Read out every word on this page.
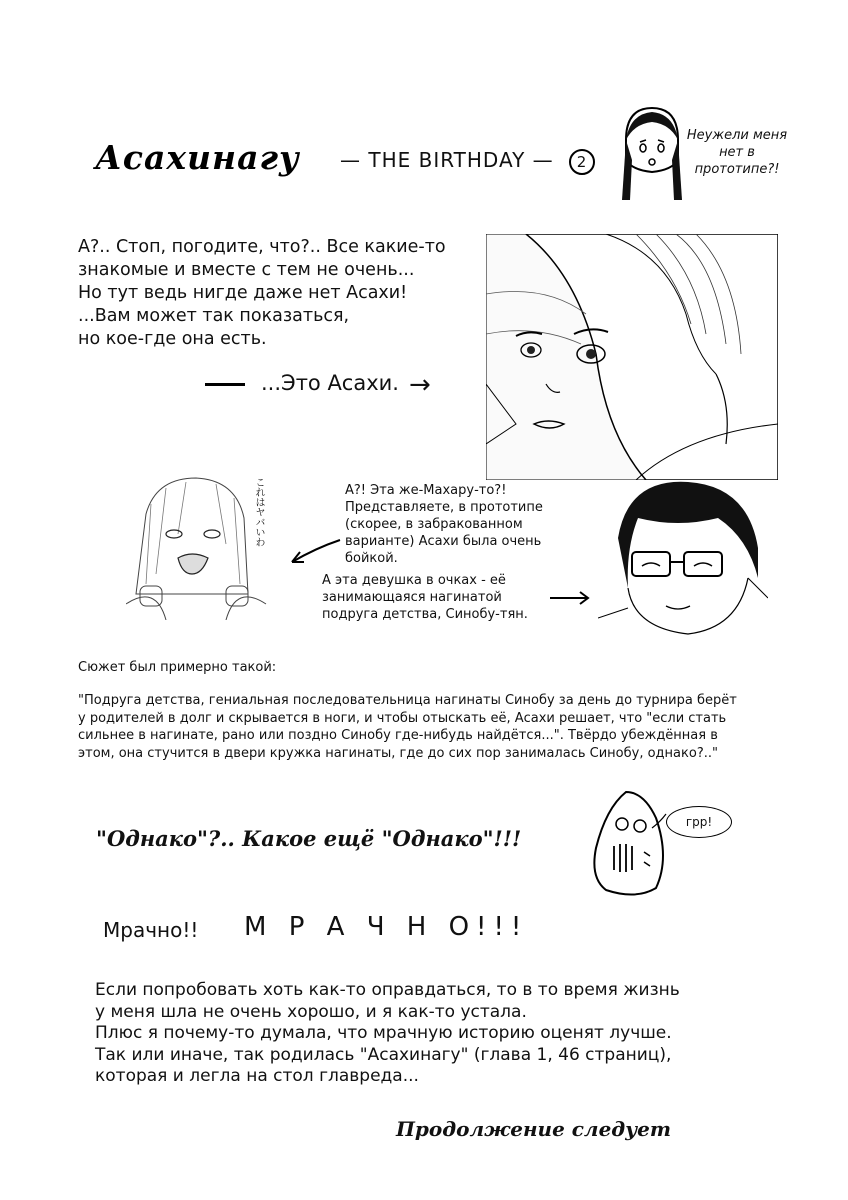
Асахинагу — THE BIRTHDAY — 2
Неужели меня нет в прототипе?!

А?.. Стоп, погодите, что?.. Все какие-то

знакомые и вместе с тем не очень...

Но тут ведь нигде даже нет Асахи!

...Вам может так показаться,

но кое-где она есть.

...Это Асахи. →
これはヤバいわ	А?! Эта же-Махару-то?! Представляете, в прототипе (скорее, в забракованном варианте) Асахи была очень бойкой.
А эта девушка в очках - её занимающаяся нагинатой подруга детства, Синобу-тян.
Сюжет был примерно такой:
"Подруга детства, гениальная последовательница нагинаты Синобу за день до турнира берёт у родителей в долг и скрывается в ноги, и чтобы отыскать её, Асахи решает, что "если стать сильнее в нагинате, рано или поздно Синобу где-нибудь найдётся...". Твёрдо убеждённая в этом, она стучится в двери кружка нагинаты, где до сих пор занималась Синобу, однако?.."
"Однако"?.. Какое ещё "Однако"!!!
грр!
Мрачно!! М Р А Ч Н О!!!

Если попробовать хоть как-то оправдаться, то в то время жизнь

у меня шла не очень хорошо, и я как-то устала.

Плюс я почему-то думала, что мрачную историю оценят лучше.

Так или иначе, так родилась "Асахинагу" (глава 1, 46 страниц),

которая и легла на стол главреда...

Продолжение следует
